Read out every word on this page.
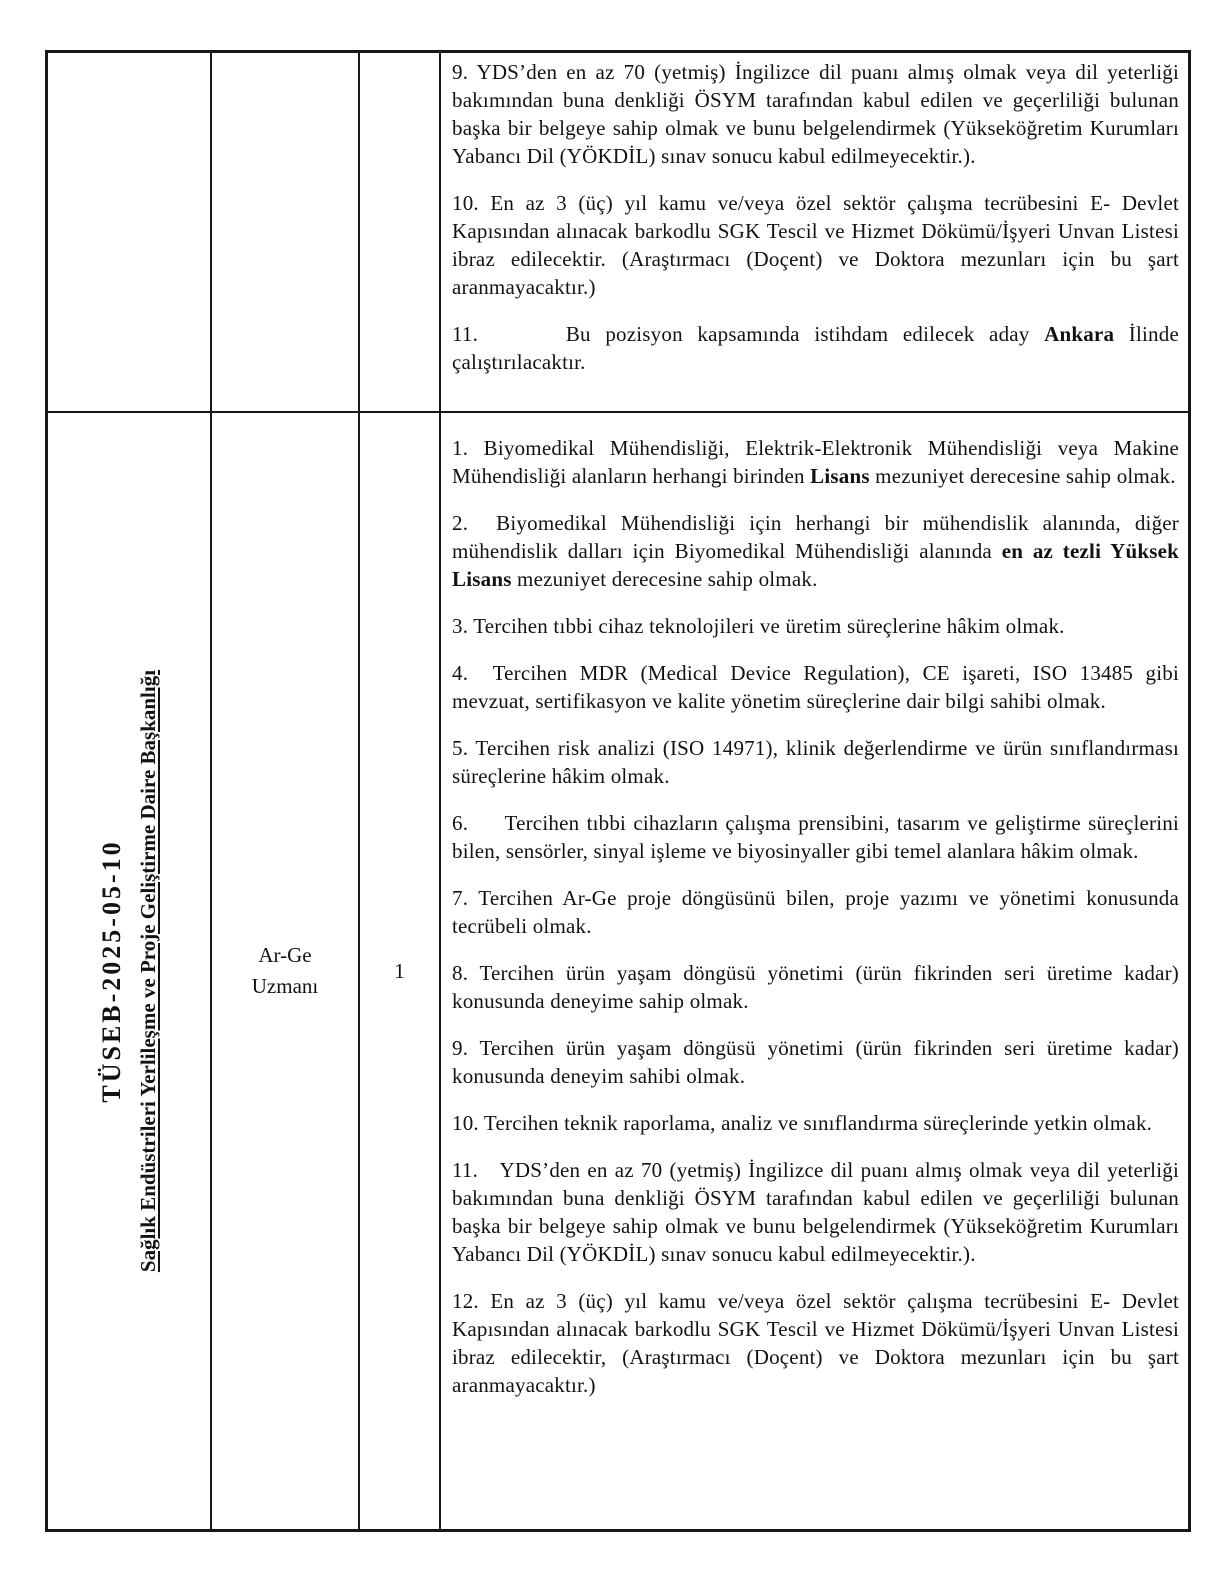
9. YDS’den en az 70 (yetmiş) İngilizce dil puanı almış olmak veya dil yeterliği bakımından buna denkliği ÖSYM tarafından kabul edilen ve geçerliliği bulunan başka bir belgeye sahip olmak ve bunu belgelendirmek (Yükseköğretim Kurumları Yabancı Dil (YÖKDİL) sınav sonucu kabul edilmeyecektir.).

10. En az 3 (üç) yıl kamu ve/veya özel sektör çalışma tecrübesini E- Devlet Kapısından alınacak barkodlu SGK Tescil ve Hizmet Dökümü/İşyeri Unvan Listesi ibraz edilecektir. (Araştırmacı (Doçent) ve Doktora mezunları için bu şart aranmayacaktır.)

11.      Bu pozisyon kapsamında istihdam edilecek aday Ankara İlinde çalıştırılacaktır.

TÜSEB-2025-05-10 Sağlık Endüstrileri Yerlileşme ve Proje Geliştirme Daire Başkanlığı	Ar-Ge Uzmanı
1

1. Biyomedikal Mühendisliği, Elektrik-Elektronik Mühendisliği veya Makine Mühendisliği alanların herhangi birinden Lisans mezuniyet derecesine sahip olmak.

2.  Biyomedikal Mühendisliği için herhangi bir mühendislik alanında, diğer mühendislik dalları için Biyomedikal Mühendisliği alanında en az tezli Yüksek Lisans mezuniyet derecesine sahip olmak.

3. Tercihen tıbbi cihaz teknolojileri ve üretim süreçlerine hâkim olmak.

4.  Tercihen MDR (Medical Device Regulation), CE işareti, ISO 13485 gibi mevzuat, sertifikasyon ve kalite yönetim süreçlerine dair bilgi sahibi olmak.

5. Tercihen risk analizi (ISO 14971), klinik değerlendirme ve ürün sınıflandırması süreçlerine hâkim olmak.

6.     Tercihen tıbbi cihazların çalışma prensibini, tasarım ve geliştirme süreçlerini bilen, sensörler, sinyal işleme ve biyosinyaller gibi temel alanlara hâkim olmak.

7. Tercihen Ar-Ge proje döngüsünü bilen, proje yazımı ve yönetimi konusunda tecrübeli olmak.

8. Tercihen ürün yaşam döngüsü yönetimi (ürün fikrinden seri üretime kadar) konusunda deneyime sahip olmak.

9. Tercihen ürün yaşam döngüsü yönetimi (ürün fikrinden seri üretime kadar) konusunda deneyim sahibi olmak.

10. Tercihen teknik raporlama, analiz ve sınıflandırma süreçlerinde yetkin olmak.

11.   YDS’den en az 70 (yetmiş) İngilizce dil puanı almış olmak veya dil yeterliği bakımından buna denkliği ÖSYM tarafından kabul edilen ve geçerliliği bulunan başka bir belgeye sahip olmak ve bunu belgelendirmek (Yükseköğretim Kurumları Yabancı Dil (YÖKDİL) sınav sonucu kabul edilmeyecektir.).

12. En az 3 (üç) yıl kamu ve/veya özel sektör çalışma tecrübesini E- Devlet Kapısından alınacak barkodlu SGK Tescil ve Hizmet Dökümü/İşyeri Unvan Listesi ibraz edilecektir, (Araştırmacı (Doçent) ve Doktora mezunları için bu şart aranmayacaktır.)
